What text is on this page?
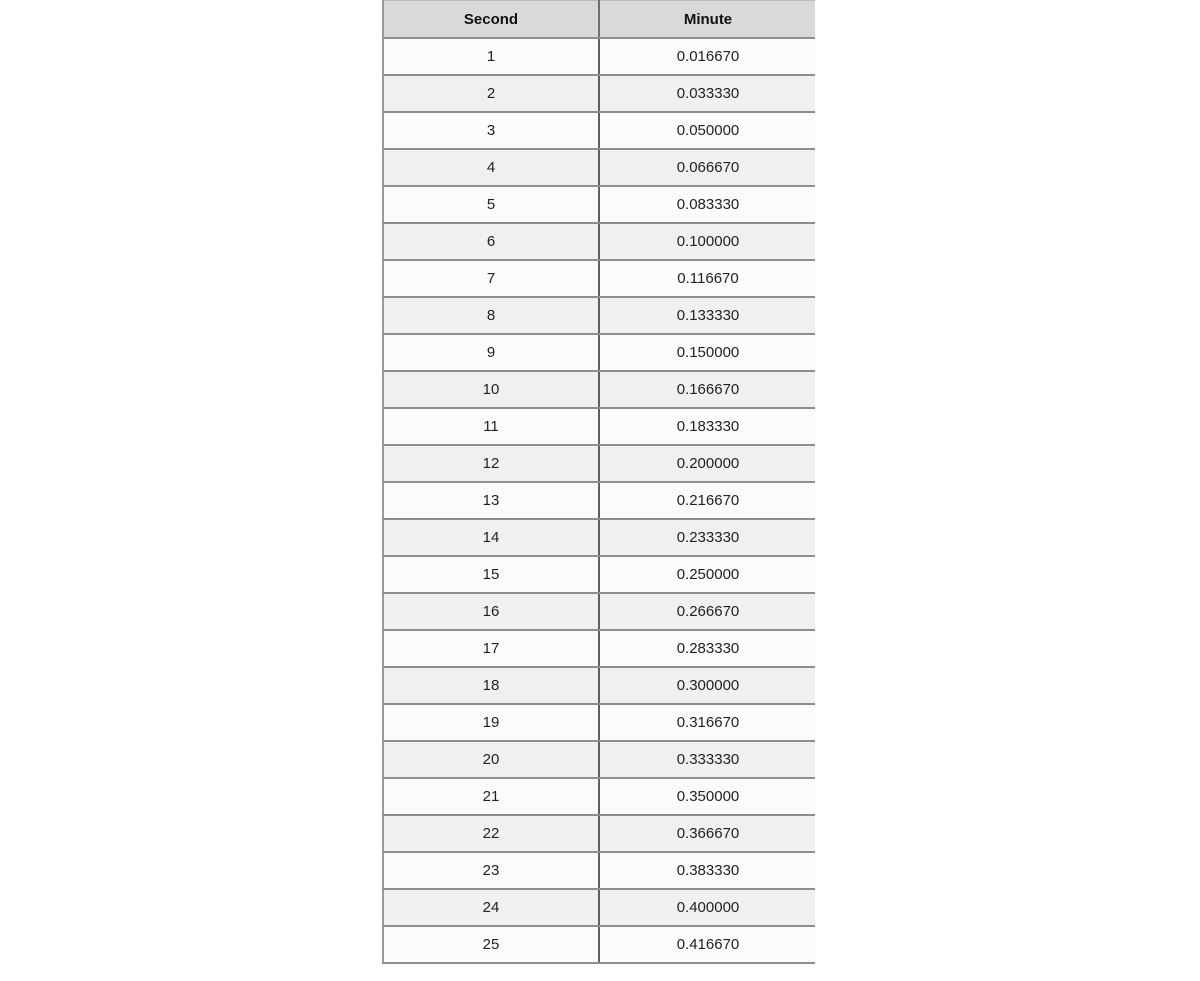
Second	Minute
1	0.016670
2	0.033330
3	0.050000
4	0.066670
5	0.083330
6	0.100000
7	0.116670
8	0.133330
9	0.150000
10	0.166670
11	0.183330
12	0.200000
13	0.216670
14	0.233330
15	0.250000
16	0.266670
17	0.283330
18	0.300000
19	0.316670
20	0.333330
21	0.350000
22	0.366670
23	0.383330
24	0.400000
25	0.416670
